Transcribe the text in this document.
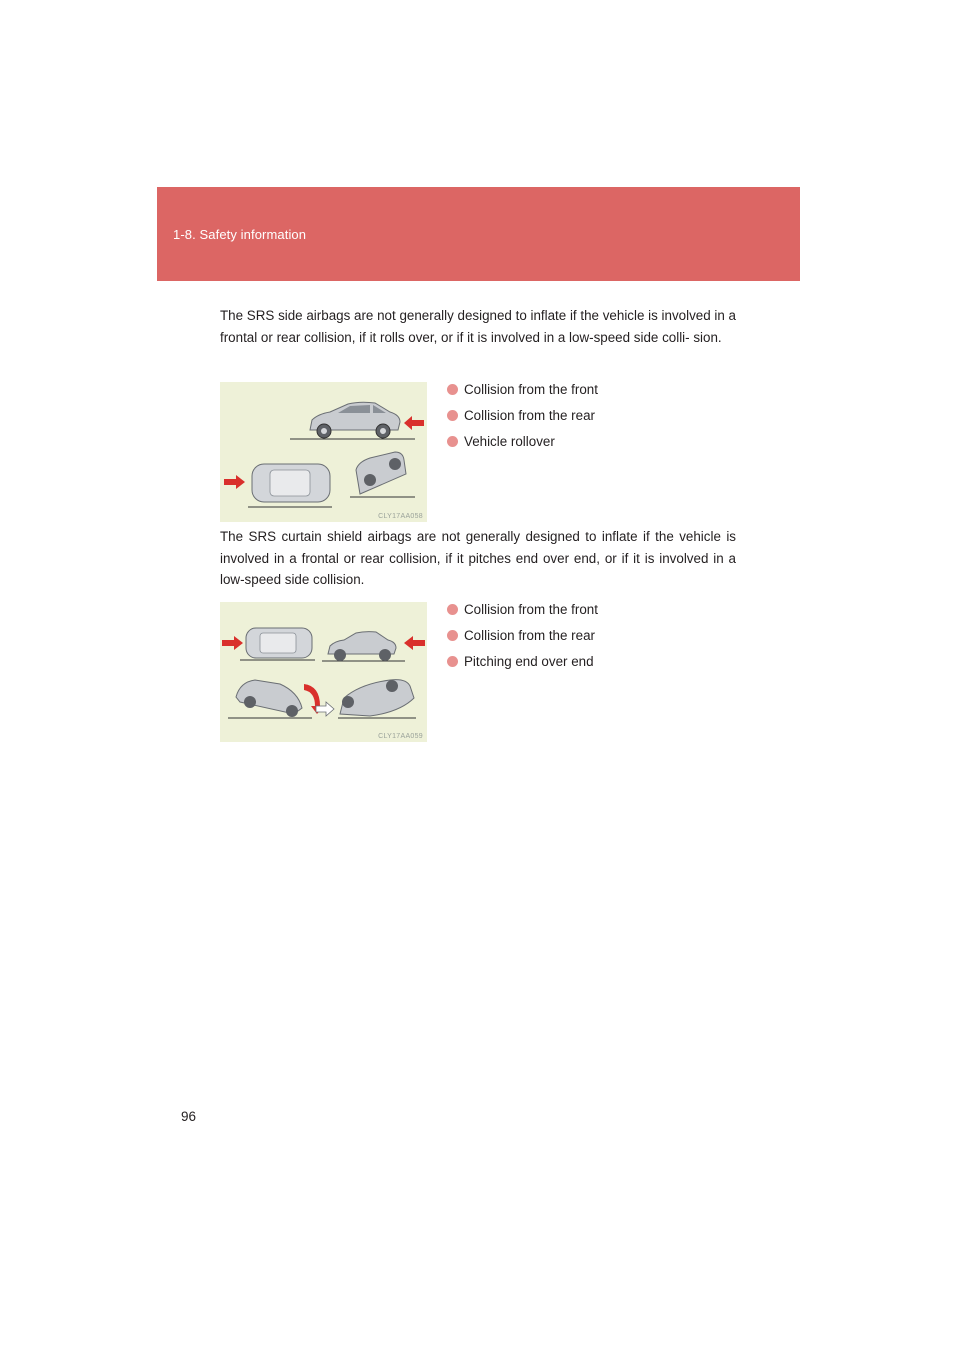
1-8. Safety information

The SRS side airbags are not generally designed to inflate if the vehicle is involved in a frontal or rear collision, if it rolls over, or if it is involved in a low-speed side colli- sion.

CLY17AA058
Collision from the front
Collision from the rear
Vehicle rollover

The SRS curtain shield airbags are not generally designed to inflate if the vehicle is involved in a frontal or rear collision, if it pitches end over end, or if it is involved in a low-speed side collision.

CLY17AA059
Collision from the front
Collision from the rear
Pitching end over end
96
